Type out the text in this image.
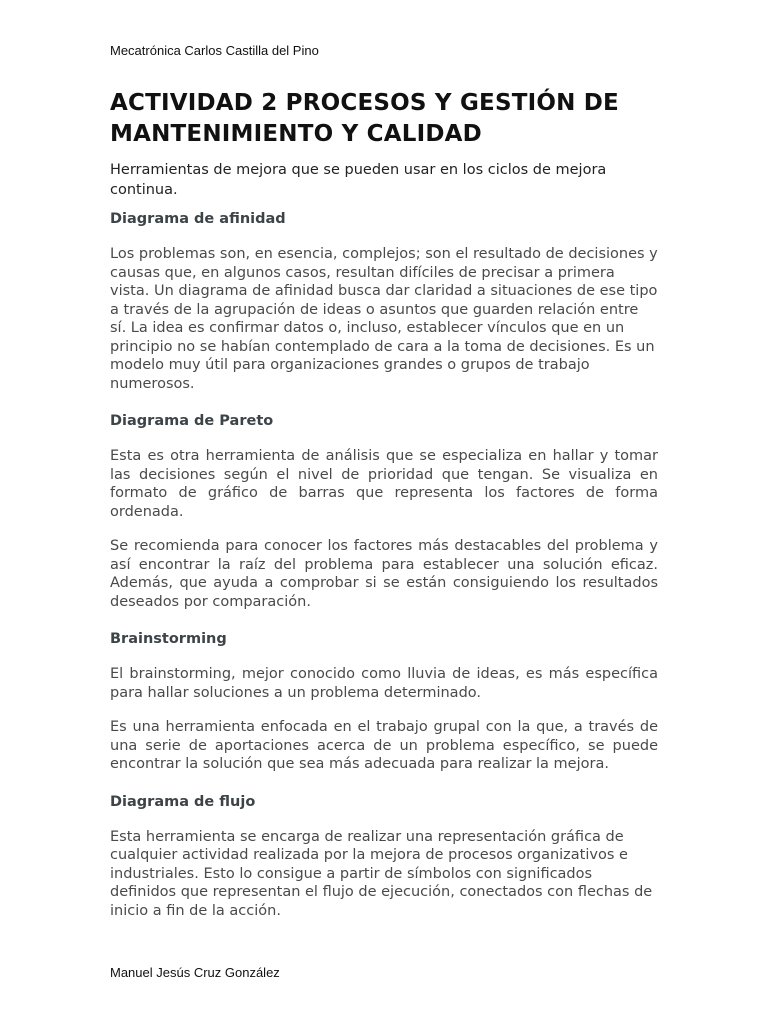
Mecatrónica Carlos Castilla del Pino
ACTIVIDAD 2 PROCESOS Y GESTIÓN DE MANTENIMIENTO Y CALIDAD

Herramientas de mejora que se pueden usar en los ciclos de mejora continua.

Diagrama de afinidad

Los problemas son, en esencia, complejos; son el resultado de decisiones y causas que, en algunos casos, resultan difíciles de precisar a primera vista. Un diagrama de afinidad busca dar claridad a situaciones de ese tipo a través de la agrupación de ideas o asuntos que guarden relación entre sí. La idea es confirmar datos o, incluso, establecer vínculos que en un principio no se habían contemplado de cara a la toma de decisiones. Es un modelo muy útil para organizaciones grandes o grupos de trabajo numerosos.

Diagrama de Pareto

Esta es otra herramienta de análisis que se especializa en hallar y tomar las decisiones según el nivel de prioridad que tengan. Se visualiza en formato de gráfico de barras que representa los factores de forma ordenada.

Se recomienda para conocer los factores más destacables del problema y así encontrar la raíz del problema para establecer una solución eficaz. Además, que ayuda a comprobar si se están consiguiendo los resultados deseados por comparación.

Brainstorming

El brainstorming, mejor conocido como lluvia de ideas, es más específica para hallar soluciones a un problema determinado.

Es una herramienta enfocada en el trabajo grupal con la que, a través de una serie de aportaciones acerca de un problema específico, se puede encontrar la solución que sea más adecuada para realizar la mejora.

Diagrama de flujo

Esta herramienta se encarga de realizar una representación gráfica de cualquier actividad realizada por la mejora de procesos organizativos e industriales. Esto lo consigue a partir de símbolos con significados definidos que representan el flujo de ejecución, conectados con flechas de inicio a fin de la acción.

Manuel Jesús Cruz González
